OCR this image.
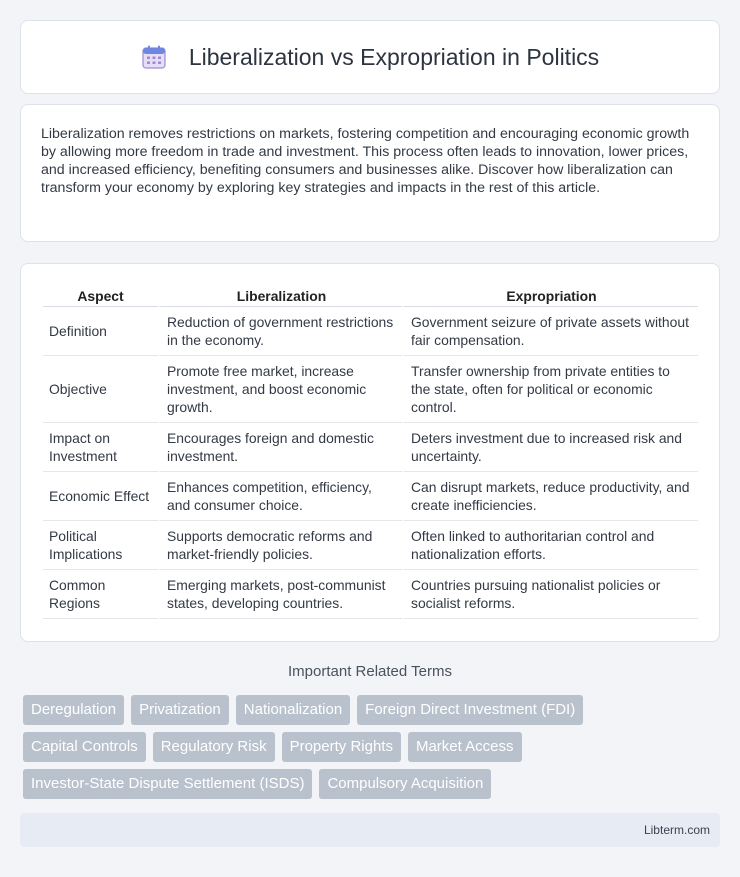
Liberalization vs Expropriation in Politics

Liberalization removes restrictions on markets, fostering competition and encouraging economic growth by allowing more freedom in trade and investment. This process often leads to innovation, lower prices, and increased efficiency, benefiting consumers and businesses alike. Discover how liberalization can transform your economy by exploring key strategies and impacts in the rest of this article.

Aspect	Liberalization	Expropriation
Definition	Reduction of government restrictions in the economy.	Government seizure of private assets without fair compensation.
Objective	Promote free market, increase investment, and boost economic growth.	Transfer ownership from private entities to the state, often for political or economic control.
Impact on Investment	Encourages foreign and domestic investment.	Deters investment due to increased risk and uncertainty.
Economic Effect	Enhances competition, efficiency, and consumer choice.	Can disrupt markets, reduce productivity, and create inefficiencies.
Political Implications	Supports democratic reforms and market-friendly policies.	Often linked to authoritarian control and nationalization efforts.
Common Regions	Emerging markets, post-communist states, developing countries.	Countries pursuing nationalist policies or socialist reforms.
Important Related Terms
Deregulation	Privatization	Nationalization	Foreign Direct Investment (FDI)
Capital Controls	Regulatory Risk	Property Rights	Market Access
Investor-State Dispute Settlement (ISDS)	Compulsory Acquisition
Libterm.com
